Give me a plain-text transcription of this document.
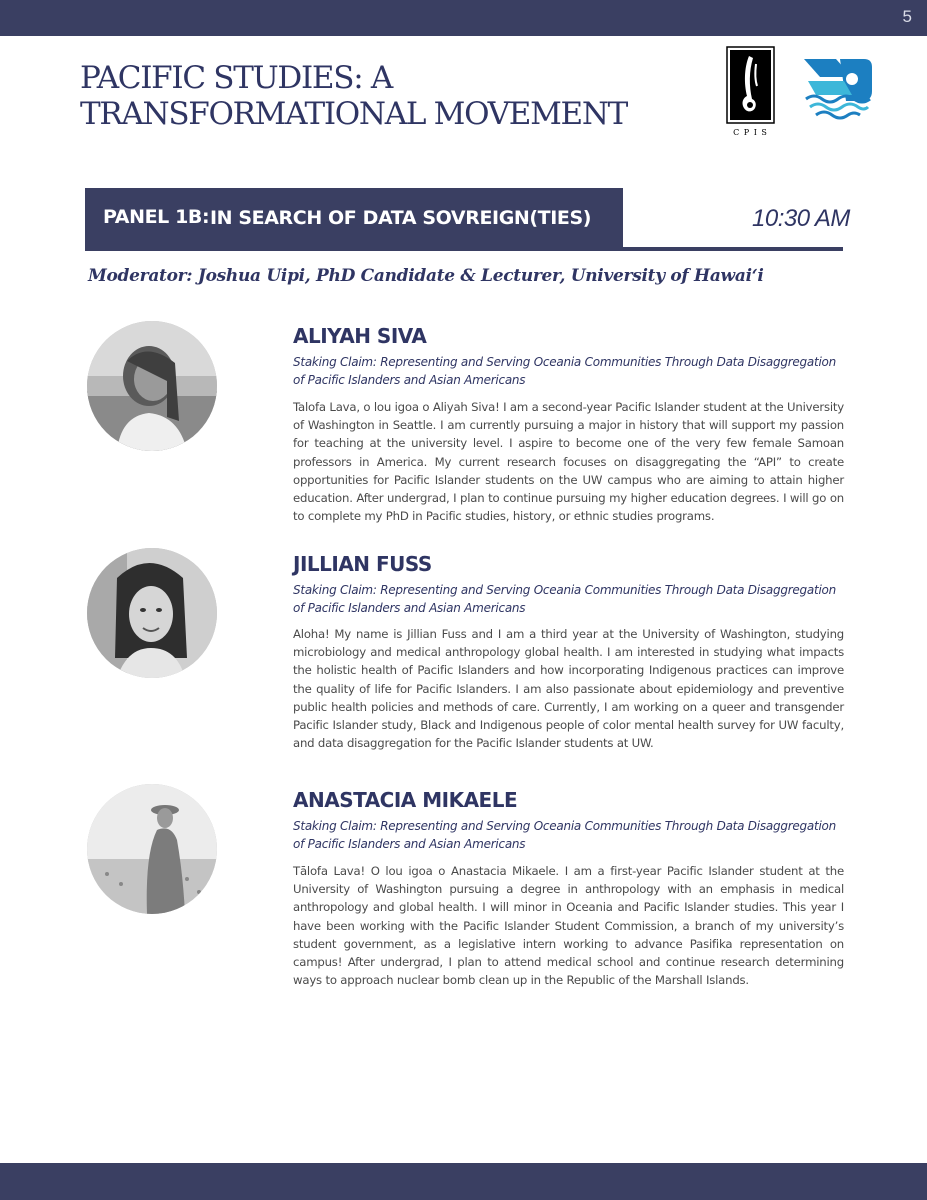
5
PACIFIC STUDIES: A
TRANSFORMATIONAL MOVEMENT
C P I S
PANEL 1B: IN SEARCH OF DATA SOVREIGN(TIES)	10:30 AM
Moderator: Joshua Uipi, PhD Candidate & Lecturer, University of Hawai‘i
ALIYAH SIVA
Staking Claim: Representing and Serving Oceania Communities Through Data Disaggregation
of Pacific Islanders and Asian Americans

Talofa Lava, o lou igoa o Aliyah Siva! I am a second-year Pacific Islander student at the University of Washington in Seattle. I am currently pursuing a major in history that will support my passion for teaching at the university level. I aspire to become one of the very few female Samoan professors in America. My current research focuses on disaggregating the “API” to create opportunities for Pacific Islander students on the UW campus who are aiming to attain higher education. After undergrad, I plan to continue pursuing my higher education degrees. I will go on to complete my PhD in Pacific studies, history, or ethnic studies programs.

JILLIAN FUSS
Staking Claim: Representing and Serving Oceania Communities Through Data Disaggregation
of Pacific Islanders and Asian Americans

Aloha! My name is Jillian Fuss and I am a third year at the University of Washington, studying microbiology and medical anthropology global health. I am interested in studying what impacts the holistic health of Pacific Islanders and how incorporating Indigenous practices can improve the quality of life for Pacific Islanders. I am also passionate about epidemiology and preventive public health policies and methods of care. Currently, I am working on a queer and transgender Pacific Islander study, Black and Indigenous people of color mental health survey for UW faculty, and data disaggregation for the Pacific Islander students at UW.

ANASTACIA MIKAELE
Staking Claim: Representing and Serving Oceania Communities Through Data Disaggregation
of Pacific Islanders and Asian Americans

Tālofa Lava! O lou igoa o Anastacia Mikaele. I am a first-year Pacific Islander student at the University of Washington pursuing a degree in anthropology with an emphasis in medical anthropology and global health. I will minor in Oceania and Pacific Islander studies. This year I have been working with the Pacific Islander Student Commission, a branch of my university’s student government, as a legislative intern working to advance Pasifika representation on campus! After undergrad, I plan to attend medical school and continue research determining ways to approach nuclear bomb clean up in the Republic of the Marshall Islands.
